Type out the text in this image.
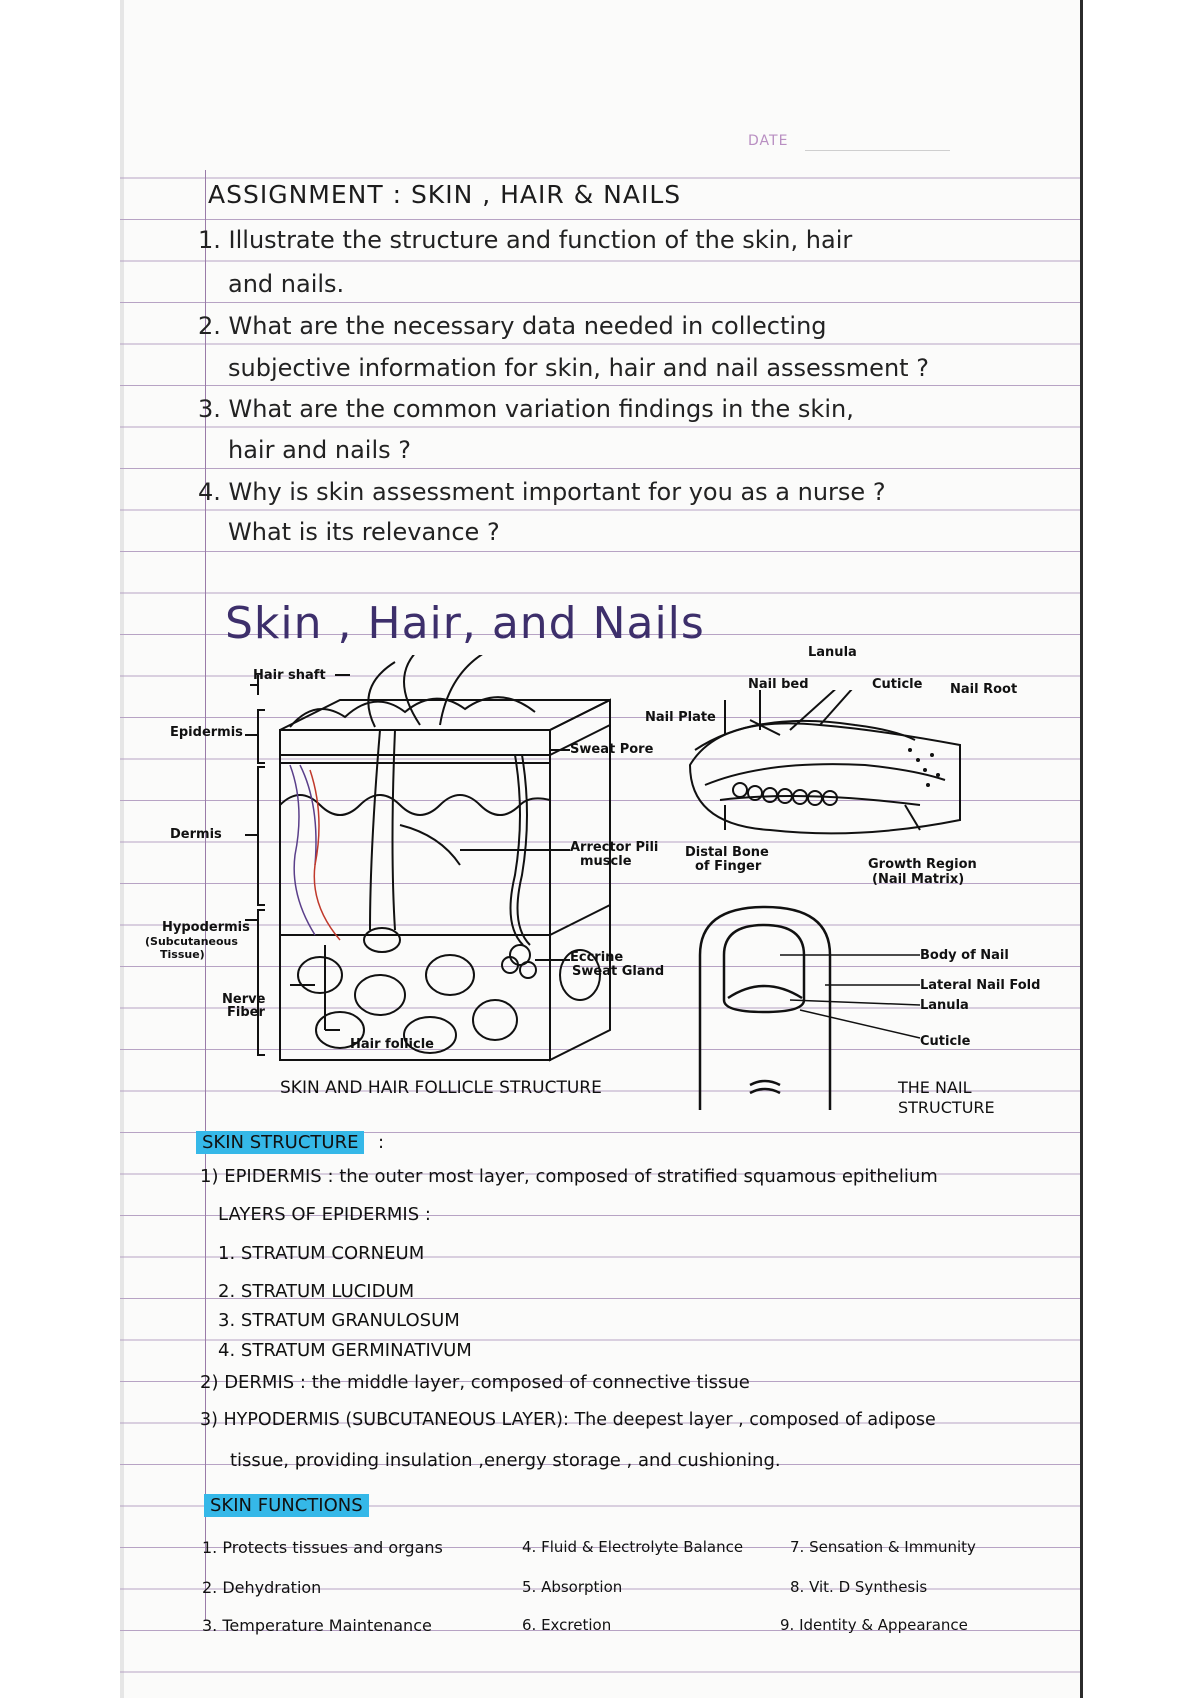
DATE
ASSIGNMENT : SKIN , HAIR & NAILS
1. Illustrate the structure and function of the skin, hair
and nails.
2. What are the necessary data needed in collecting
subjective information for skin, hair and nail assessment ?
3. What are the common variation findings in the skin,
hair and nails ?
4. Why is skin assessment important for you as a nurse ?
What is its relevance ?
Skin , Hair, and Nails
Hair shaft
Epidermis
Dermis
Hypodermis
(Subcutaneous
Tissue)
Nerve
Fiber
Hair follicle
Sweat Pore
Arrector Pili
muscle
Eccrine
Sweat Gland
SKIN AND HAIR FOLLICLE STRUCTURE
Lanula
Nail bed	Cuticle Nail Root
Nail Plate
Distal Bone
of Finger	Growth Region
(Nail Matrix)
Body of Nail
Lateral Nail Fold
Lanula
Cuticle
THE NAIL
STRUCTURE
SKIN STRUCTURE	:
1) EPIDERMIS : the outer most layer, composed of stratified squamous epithelium
LAYERS OF EPIDERMIS :
1. STRATUM CORNEUM
2. STRATUM LUCIDUM
3. STRATUM GRANULOSUM
4. STRATUM GERMINATIVUM
2) DERMIS : the middle layer, composed of connective tissue
3) HYPODERMIS (SUBCUTANEOUS LAYER): The deepest layer , composed of adipose
tissue, providing insulation ,energy storage , and cushioning.
SKIN FUNCTIONS
1. Protects tissues and organs
2. Dehydration
3. Temperature Maintenance
4. Fluid & Electrolyte Balance
5. Absorption
6. Excretion
7. Sensation & Immunity
8. Vit. D Synthesis
9. Identity & Appearance
